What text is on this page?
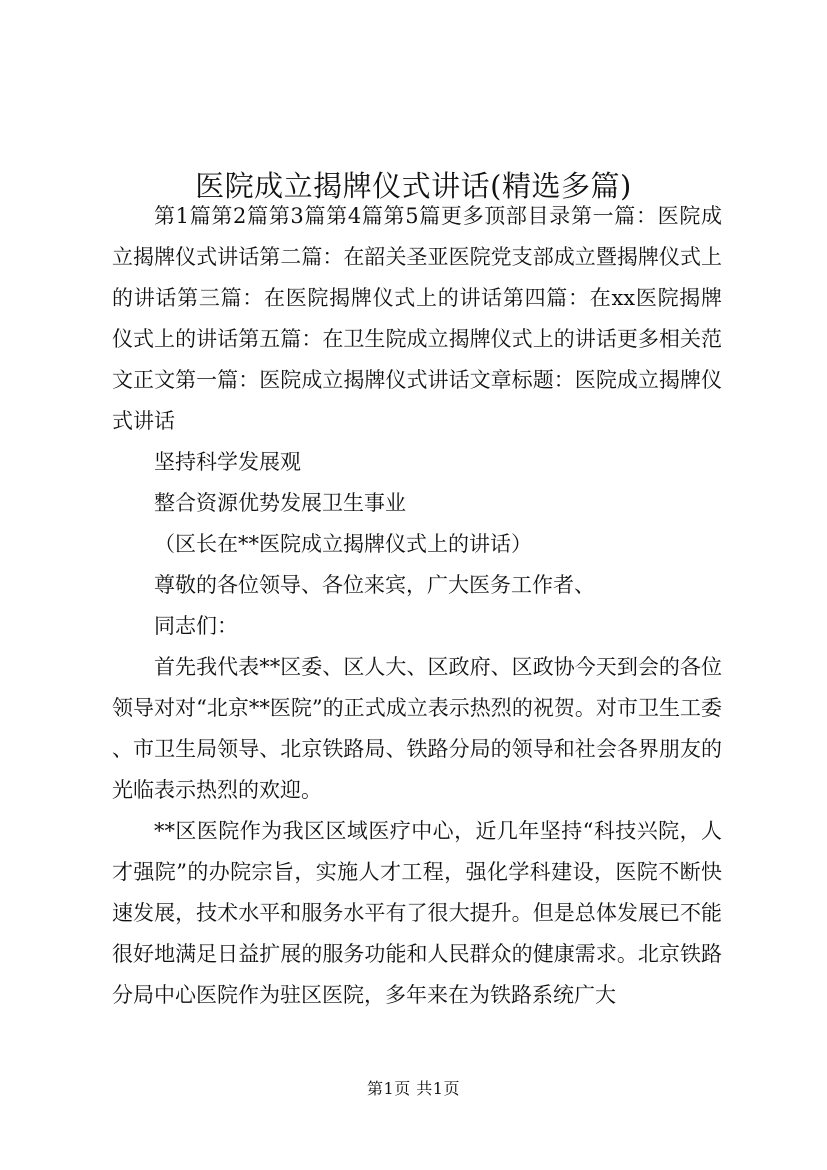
医院成立揭牌仪式讲话(精选多篇)

第1篇第2篇第3篇第4篇第5篇更多顶部目录第一篇：医院成立揭牌仪式讲话第二篇：在韶关圣亚医院党支部成立暨揭牌仪式上的讲话第三篇：在医院揭牌仪式上的讲话第四篇：在xx医院揭牌仪式上的讲话第五篇：在卫生院成立揭牌仪式上的讲话更多相关范文正文第一篇：医院成立揭牌仪式讲话文章标题：医院成立揭牌仪式讲话

坚持科学发展观

整合资源优势发展卫生事业

（区长在**医院成立揭牌仪式上的讲话）

尊敬的各位领导、各位来宾，广大医务工作者、

同志们：

首先我代表**区委、区人大、区政府、区政协今天到会的各位领导对对“北京**医院”的正式成立表示热烈的祝贺。对市卫生工委、市卫生局领导、北京铁路局、铁路分局的领导和社会各界朋友的光临表示热烈的欢迎。

**区医院作为我区区域医疗中心，近几年坚持“科技兴院，人才强院”的办院宗旨，实施人才工程，强化学科建设，医院不断快速发展，技术水平和服务水平有了很大提升。但是总体发展已不能很好地满足日益扩展的服务功能和人民群众的健康需求。北京铁路分局中心医院作为驻区医院，多年来在为铁路系统广大

第1页 共1页
